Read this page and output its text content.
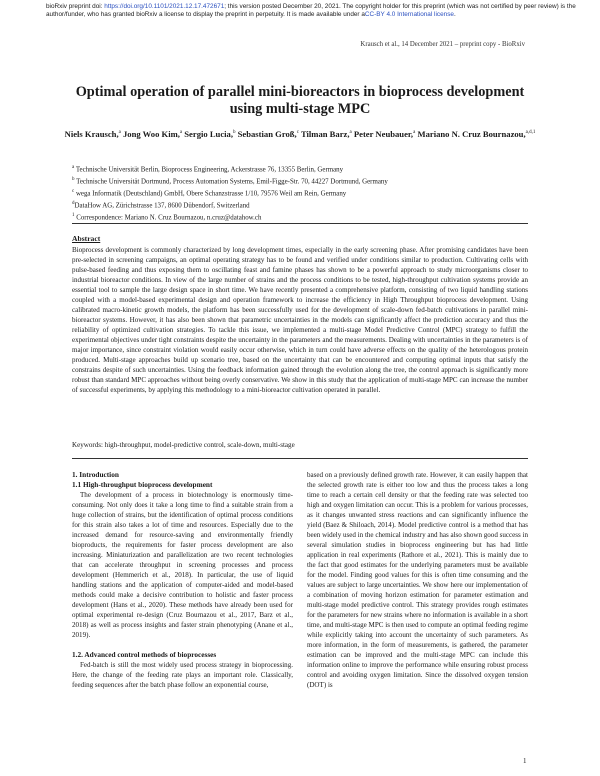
bioRxiv preprint doi: https://doi.org/10.1101/2021.12.17.472671; this version posted December 20, 2021. The copyright holder for this preprint (which was not certified by peer review) is the author/funder, who has granted bioRxiv a license to display the preprint in perpetuity. It is made available under aCC-BY 4.0 International license.
Krausch et al., 14 December 2021 – preprint copy - BioRxiv
Optimal operation of parallel mini-bioreactors in bioprocess development using multi-stage MPC
Niels Krausch,$^a$ Jong Woo Kim,$^a$ Sergio Lucia,$^b$ Sebastian Groß,$^c$ Tilman Barz,$^a$ Peter Neubauer,$^a$ Mariano N. Cruz Bournazou,$^{a,d,1}$

$^a$ Technische Universität Berlin, Bioprocess Engineering, Ackerstrasse 76, 13355 Berlin, Germany

$^b$ Technische Universität Dortmund, Process Automation Systems, Emil-Figge-Str. 70, 44227 Dortmund, Germany

$^c$ wega Informatik (Deutschland) GmbH, Obere Schanzstrasse 1/10, 79576 Weil am Rein, Germany

$^d$DataHow AG, Zürichstrasse 137, 8600 Dübendorf, Switzerland

$^1$ Correspondence: Mariano N. Cruz Bournazou, n.cruz@datahow.ch

Abstract

Bioprocess development is commonly characterized by long development times, especially in the early screening phase. After promising candidates have been pre-selected in screening campaigns, an optimal operating strategy has to be found and verified under conditions similar to production. Cultivating cells with pulse-based feeding and thus exposing them to oscillating feast and famine phases has shown to be a powerful approach to study microorganisms closer to industrial bioreactor conditions. In view of the large number of strains and the process conditions to be tested, high-throughput cultivation systems provide an essential tool to sample the large design space in short time. We have recently presented a comprehensive platform, consisting of two liquid handling stations coupled with a model-based experimental design and operation framework to increase the efficiency in High Throughput bioprocess development. Using calibrated macro-kinetic growth models, the platform has been successfully used for the development of scale-down fed-batch cultivations in parallel mini-bioreactor systems. However, it has also been shown that parametric uncertainties in the models can significantly affect the prediction accuracy and thus the reliability of optimized cultivation strategies. To tackle this issue, we implemented a multi-stage Model Predictive Control (MPC) strategy to fulfill the experimental objectives under tight constraints despite the uncertainty in the parameters and the measurements. Dealing with uncertainties in the parameters is of major importance, since constraint violation would easily occur otherwise, which in turn could have adverse effects on the quality of the heterologous protein produced. Multi-stage approaches build up scenario tree, based on the uncertainty that can be encountered and computing optimal inputs that satisfy the constrains despite of such uncertainties. Using the feedback information gained through the evolution along the tree, the control approach is significantly more robust than standard MPC approaches without being overly conservative. We show in this study that the application of multi-stage MPC can increase the number of successful experiments, by applying this methodology to a mini-bioreactor cultivation operated in parallel.

Keywords: high-throughput, model-predictive control, scale-down, multi-stage

1. Introduction

1.1 High-throughput bioprocess development

The development of a process in biotechnology is enormously time-consuming. Not only does it take a long time to find a suitable strain from a huge collection of strains, but the identification of optimal process conditions for this strain also takes a lot of time and resources. Especially due to the increased demand for resource-saving and environmentally friendly bioproducts, the requirements for faster process development are also increasing. Miniaturization and parallelization are two recent technologies that can accelerate throughput in screening processes and process development (Hemmerich et al., 2018). In particular, the use of liquid handling stations and the application of computer-aided and model-based methods could make a decisive contribution to holistic and faster process development (Hans et al., 2020). These methods have already been used for optimal experimental re-design (Cruz Bournazou et al., 2017, Barz et al., 2018) as well as process insights and faster strain phenotyping (Anane et al., 2019).

1.2. Advanced control methods of bioprocesses

Fed-batch is still the most widely used process strategy in bioprocessing. Here, the change of the feeding rate plays an important role. Classically, feeding sequences after the batch phase follow an exponential course,

based on a previously defined growth rate. However, it can easily happen that the selected growth rate is either too low and thus the process takes a long time to reach a certain cell density or that the feeding rate was selected too high and oxygen limitation can occur. This is a problem for various processes, as it changes unwanted stress reactions and can significantly influence the yield (Baez & Shiloach, 2014). Model predictive control is a method that has been widely used in the chemical industry and has also shown good success in several simulation studies in bioprocess engineering but has had little application in real experiments (Rathore et al., 2021). This is mainly due to the fact that good estimates for the underlying parameters must be available for the model. Finding good values for this is often time consuming and the values are subject to large uncertainties. We show here our implementation of a combination of moving horizon estimation for parameter estimation and multi-stage model predictive control. This strategy provides rough estimates for the parameters for new strains where no information is available in a short time, and multi-stage MPC is then used to compute an optimal feeding regime while explicitly taking into account the uncertainty of such parameters. As more information, in the form of measurements, is gathered, the parameter estimation can be improved and the multi-stage MPC can include this information online to improve the performance while ensuring robust process control and avoiding oxygen limitation. Since the dissolved oxygen tension (DOT) is

1
